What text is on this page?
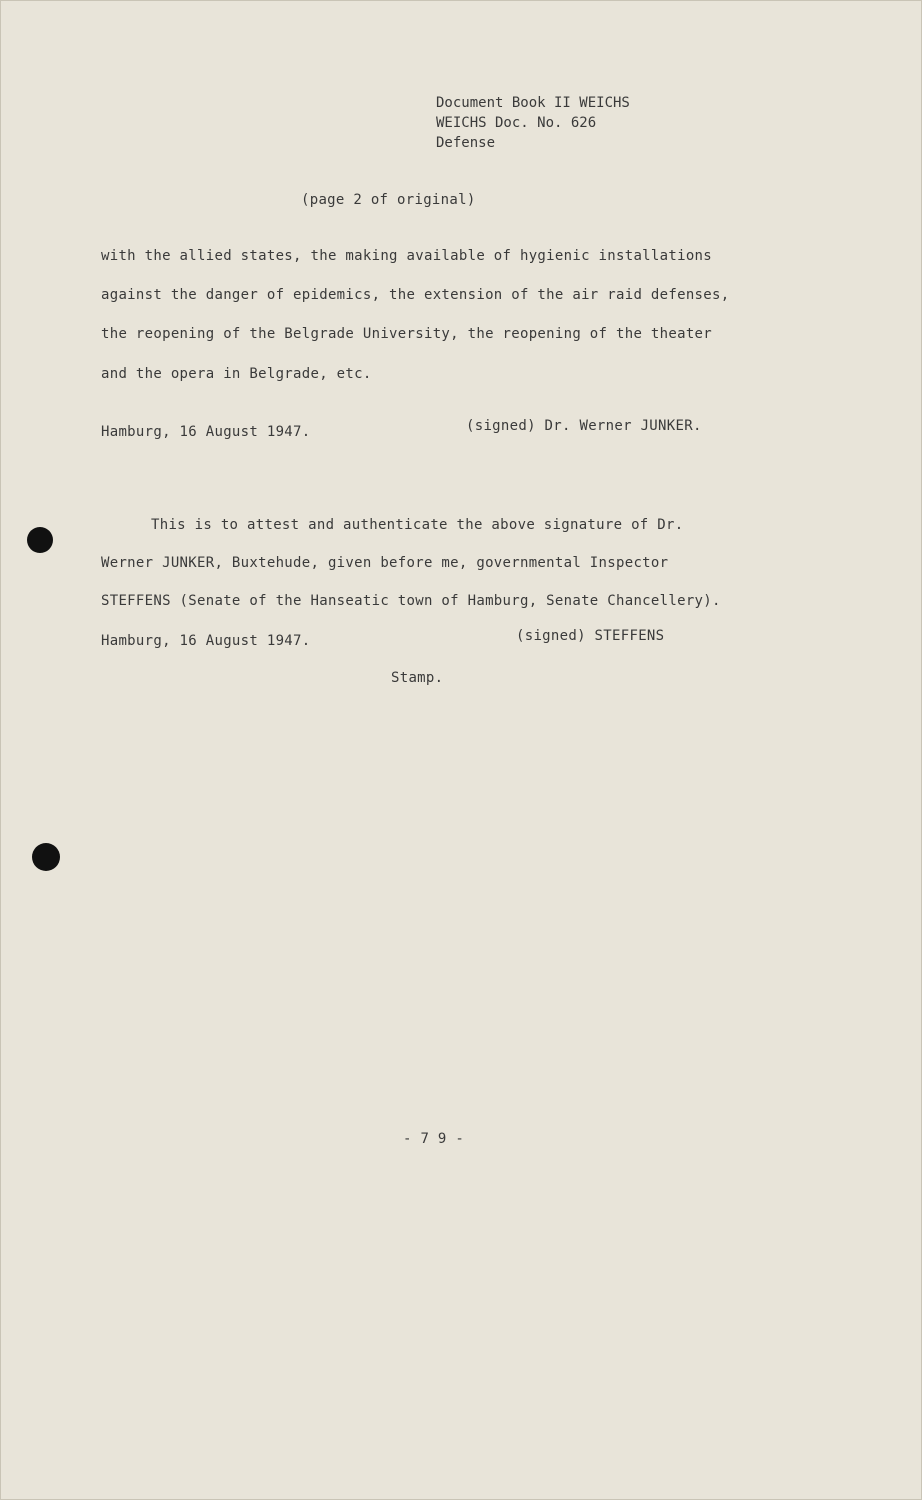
Document Book II WEICHS
WEICHS Doc. No. 626
Defense
(page 2 of original)
with the allied states, the making available of hygienic installations
against the danger of epidemics, the extension of the air raid defenses,
the reopening of the Belgrade University, the reopening of the theater
and the opera in Belgrade, etc.
Hamburg, 16 August 1947.	(signed) Dr. Werner JUNKER.
This is to attest and authenticate the above signature of Dr.
Werner JUNKER, Buxtehude, given before me, governmental Inspector
STEFFENS (Senate of the Hanseatic town of Hamburg, Senate Chancellery).
Hamburg, 16 August 1947.	(signed) STEFFENS
Stamp.
- 7 9 -
